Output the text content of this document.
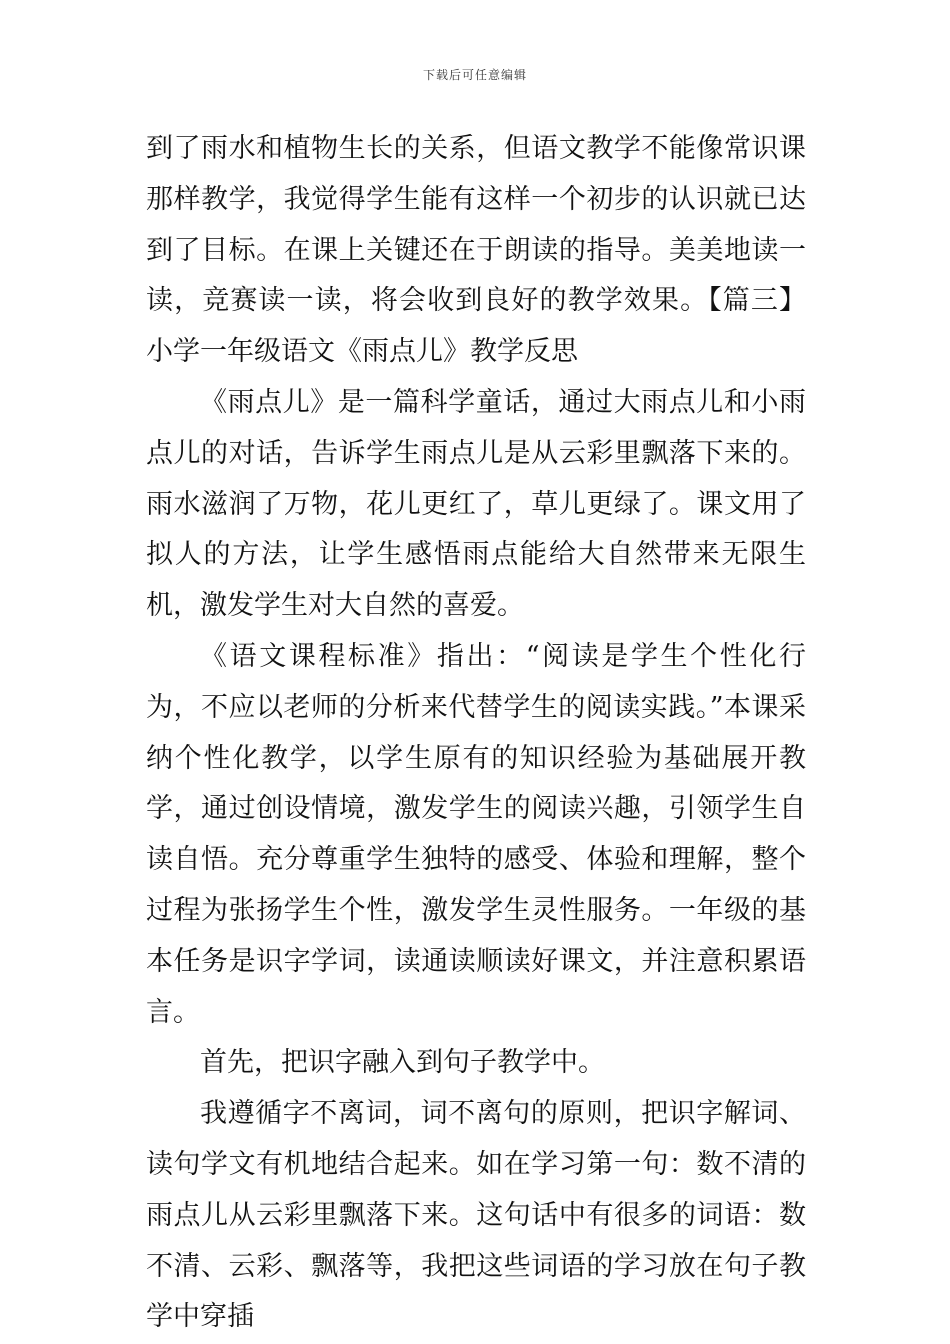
下载后可任意编辑

到了雨水和植物生长的关系，但语文教学不能像常识课那样教学，我觉得学生能有这样一个初步的认识就已达到了目标。在课上关键还在于朗读的指导。美美地读一读，竞赛读一读，将会收到良好的教学效果。【篇三】小学一年级语文《雨点儿》教学反思

《雨点儿》是一篇科学童话，通过大雨点儿和小雨点儿的对话，告诉学生雨点儿是从云彩里飘落下来的。雨水滋润了万物，花儿更红了，草儿更绿了。课文用了拟人的方法，让学生感悟雨点能给大自然带来无限生机，激发学生对大自然的喜爱。

《语文课程标准》指出：“阅读是学生个性化行为，不应以老师的分析来代替学生的阅读实践。”本课采纳个性化教学，以学生原有的知识经验为基础展开教学，通过创设情境，激发学生的阅读兴趣，引领学生自读自悟。充分尊重学生独特的感受、体验和理解，整个过程为张扬学生个性，激发学生灵性服务。一年级的基本任务是识字学词，读通读顺读好课文，并注意积累语言。

首先，把识字融入到句子教学中。

我遵循字不离词，词不离句的原则，把识字解词、读句学文有机地结合起来。如在学习第一句：数不清的雨点儿从云彩里飘落下来。这句话中有很多的词语：数不清、云彩、飘落等，我把这些词语的学习放在句子教学中穿插
